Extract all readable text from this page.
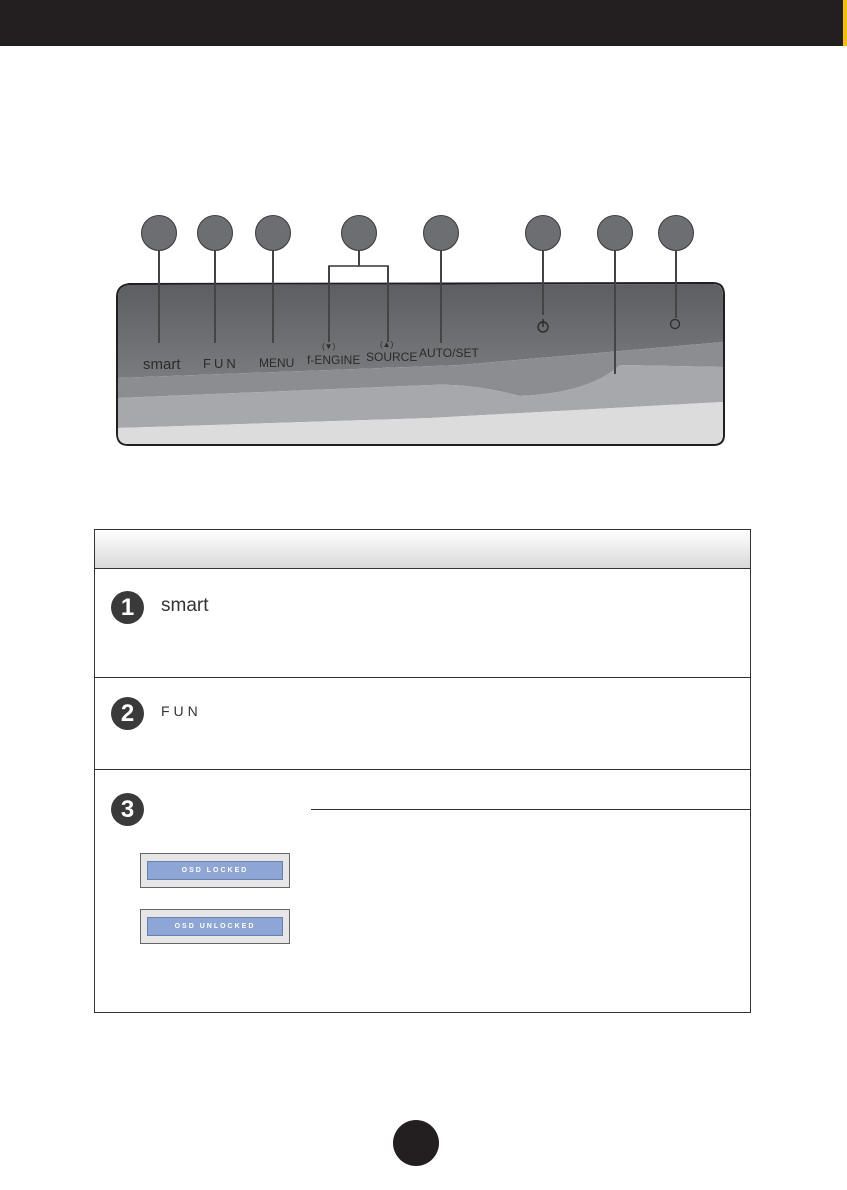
smart FUN MENU
(▼)
f-ENGINE
(▲)
SOURCE AUTO/SET
1	smart
2	FUN
3
OSD LOCKED
OSD UNLOCKED
